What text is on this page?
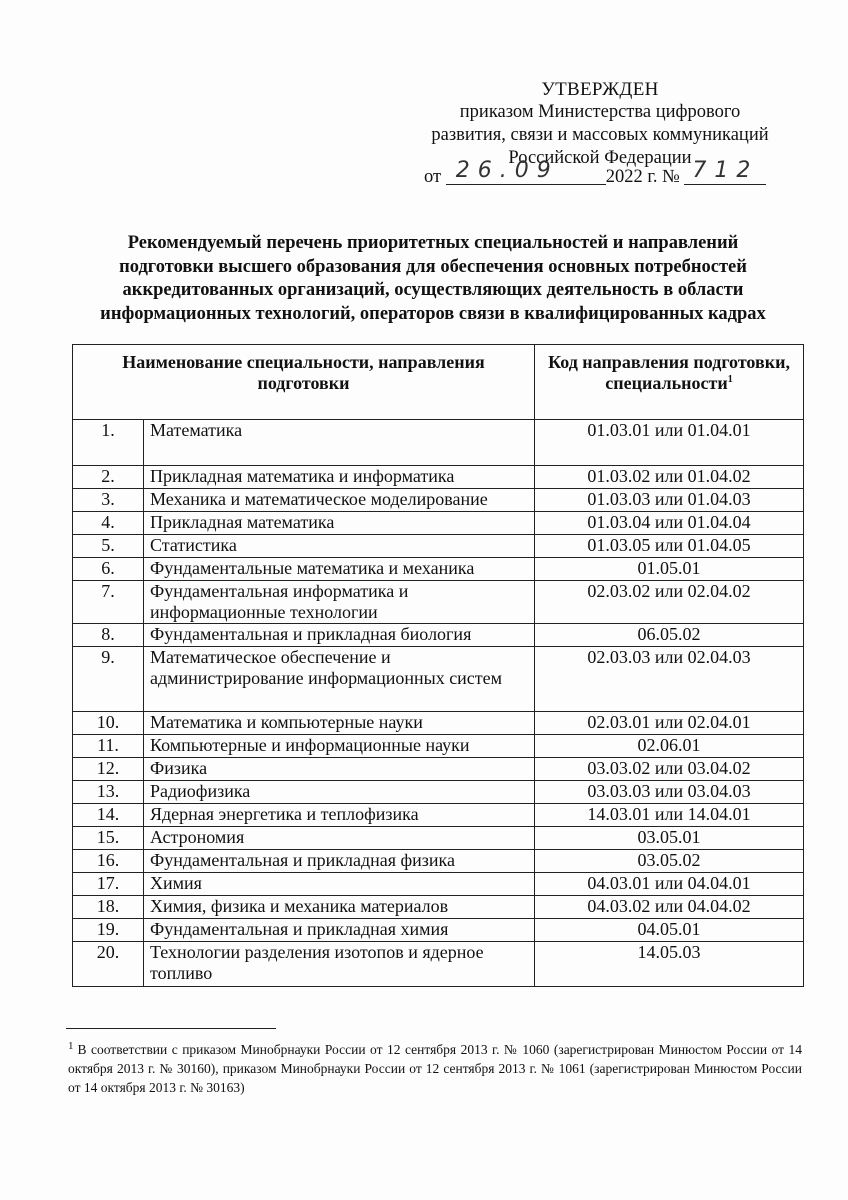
УТВЕРЖДЕН
приказом Министерства цифрового
развития, связи и массовых коммуникаций
Российской Федерации
от 26.09	2022 г. № 712
Рекомендуемый перечень приоритетных специальностей и направлений
подготовки высшего образования для обеспечения основных потребностей
аккредитованных организаций, осуществляющих деятельность в области
информационных технологий, операторов связи в квалифицированных кадрах
Наименование специальности, направления подготовки		Код направления подготовки, специальности$^1$
1.	Математика	01.03.01 или 01.04.01
2.	Прикладная математика и информатика	01.03.02 или 01.04.02
3.	Механика и математическое моделирование	01.03.03 или 01.04.03
4.	Прикладная математика	01.03.04 или 01.04.04
5.	Статистика	01.03.05 или 01.04.05
6.	Фундаментальные математика и механика	01.05.01
7.	Фундаментальная информатика и информационные технологии	02.03.02 или 02.04.02
8.	Фундаментальная и прикладная биология	06.05.02
9.	Математическое обеспечение и администрирование информационных систем	02.03.03 или 02.04.03
10.	Математика и компьютерные науки	02.03.01 или 02.04.01
11.	Компьютерные и информационные науки	02.06.01
12.	Физика	03.03.02 или 03.04.02
13.	Радиофизика	03.03.03 или 03.04.03
14.	Ядерная энергетика и теплофизика	14.03.01 или 14.04.01
15.	Астрономия	03.05.01
16.	Фундаментальная и прикладная физика	03.05.02
17.	Химия	04.03.01 или 04.04.01
18.	Химия, физика и механика материалов	04.03.02 или 04.04.02
19.	Фундаментальная и прикладная химия	04.05.01
20.	Технологии разделения изотопов и ядерное топливо	14.05.03
$^1$ В соответствии с приказом Минобрнауки России от 12 сентября 2013 г. № 1060 (зарегистрирован Минюстом России от 14 октября 2013 г. № 30160), приказом Минобрнауки России от 12 сентября 2013 г. № 1061 (зарегистрирован Минюстом России от 14 октября 2013 г. № 30163)
